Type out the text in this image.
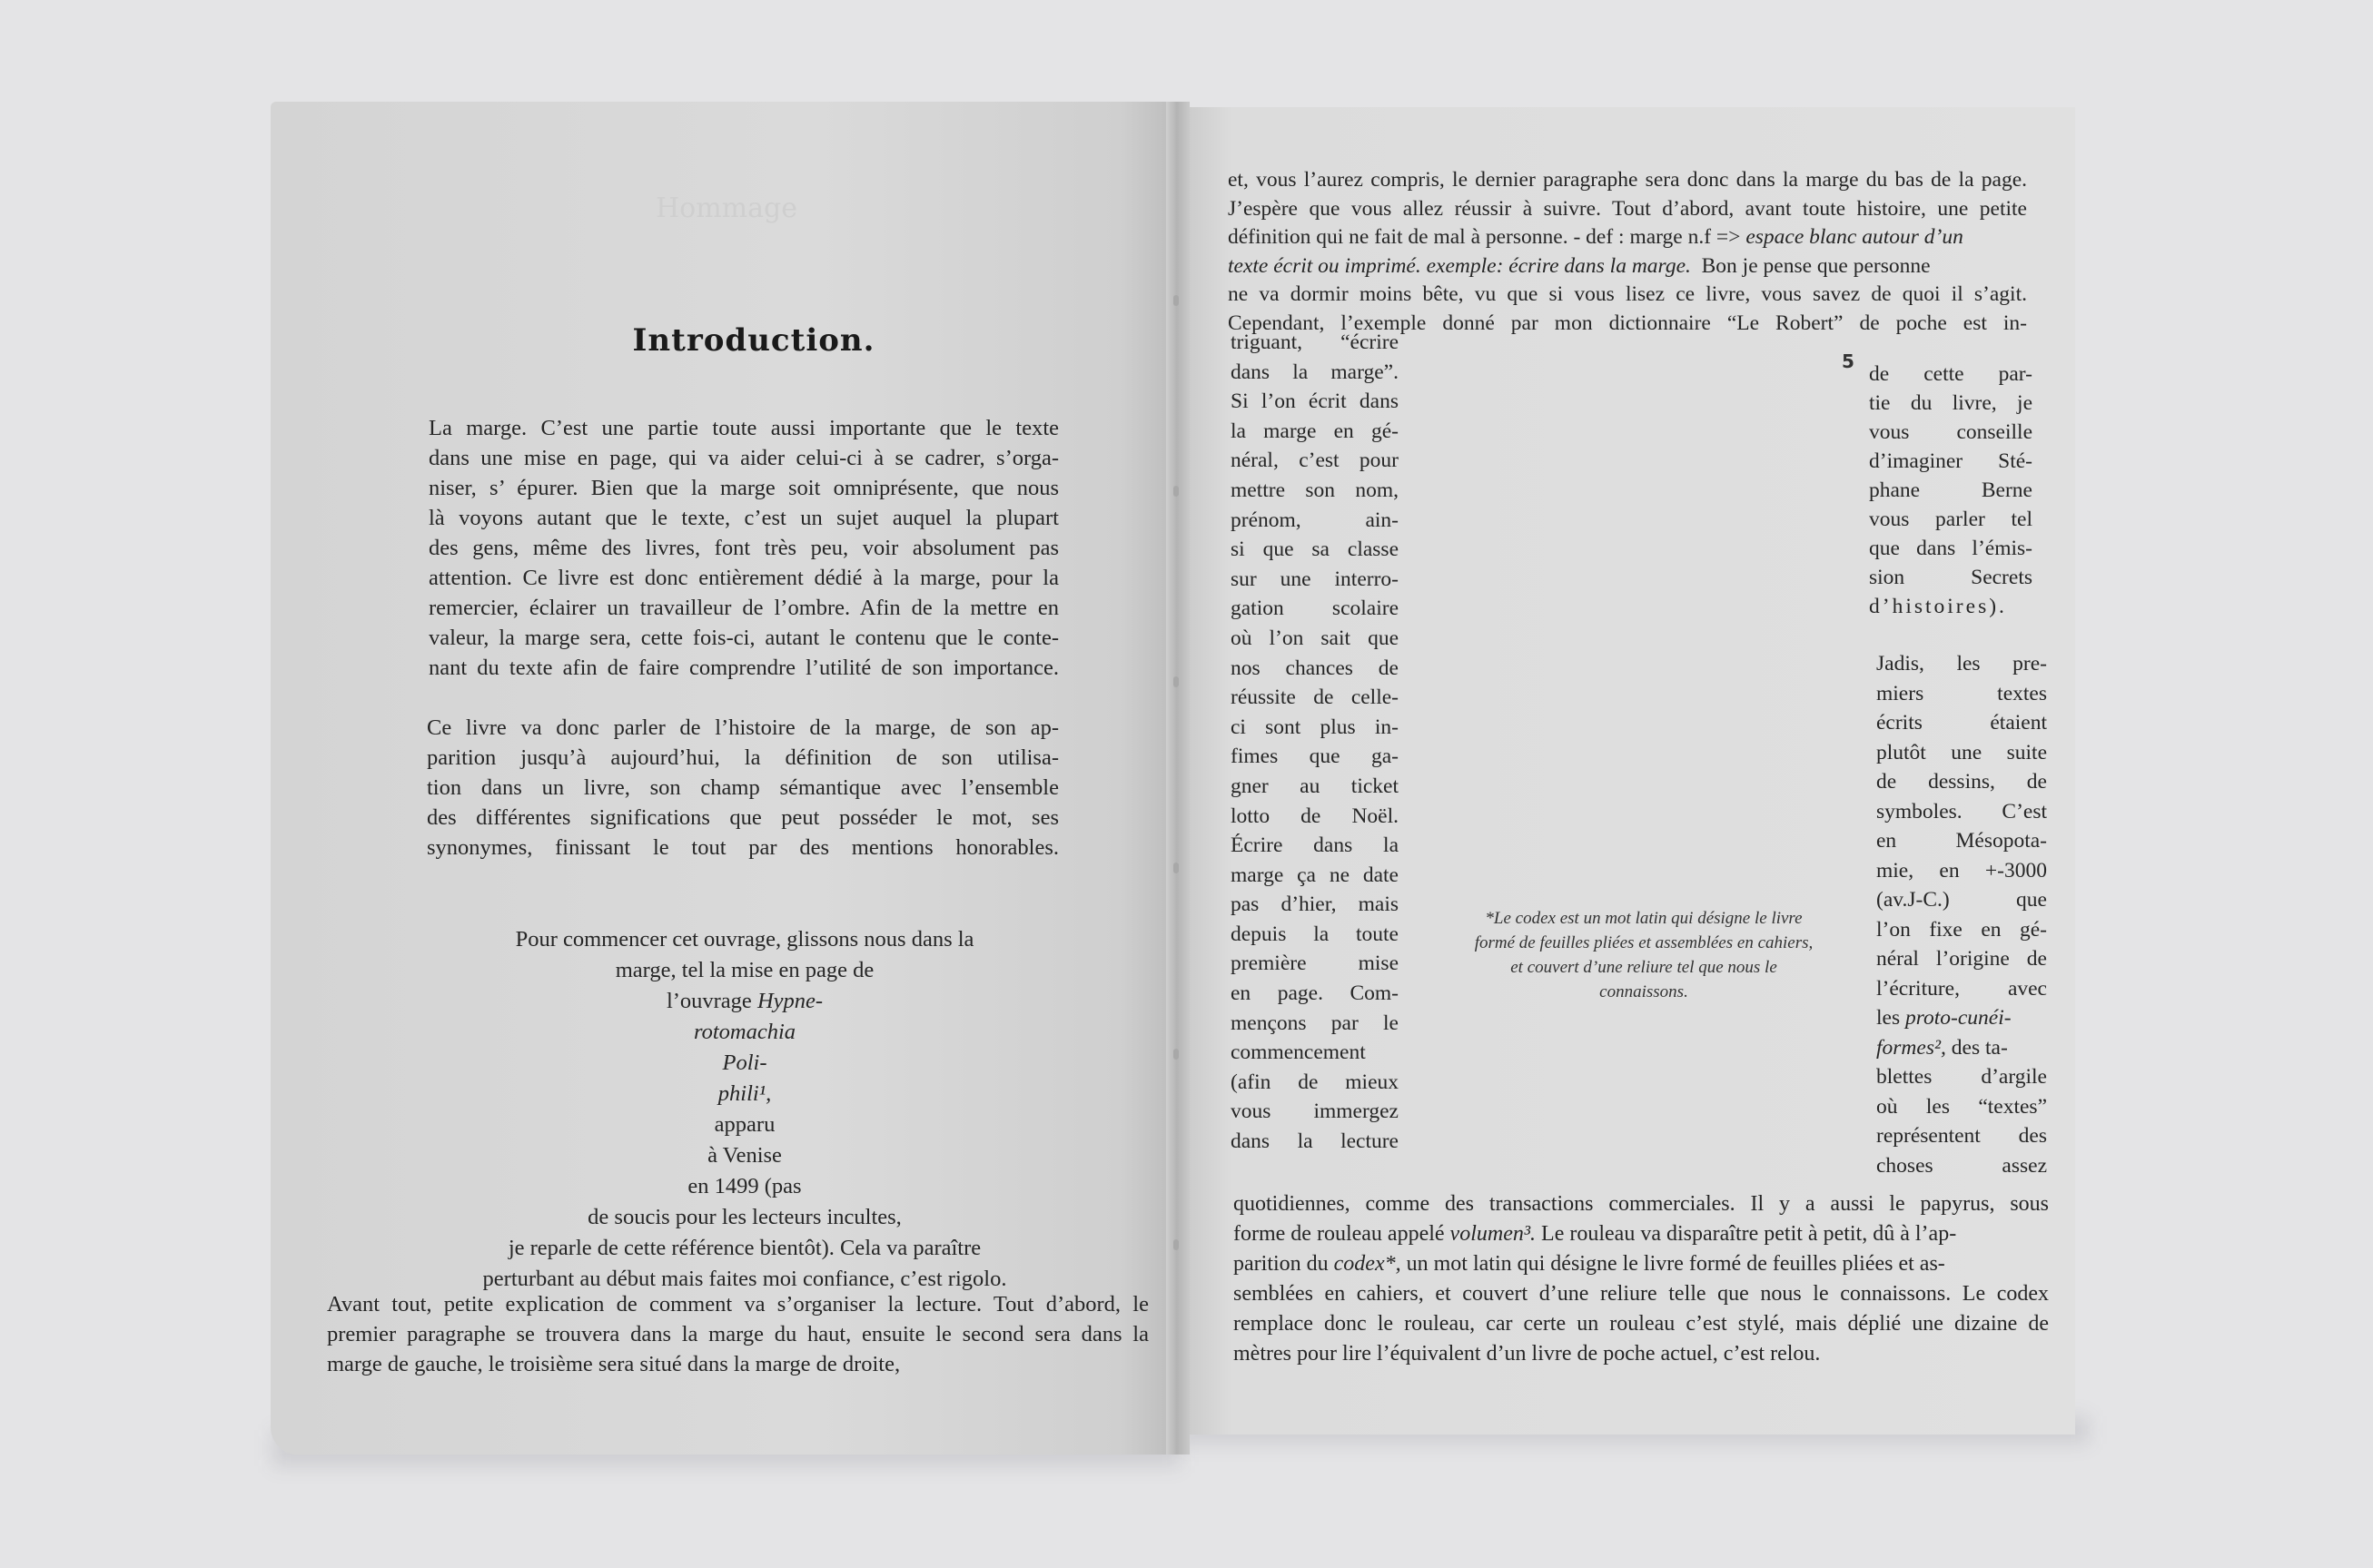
Hommage
Introduction.
La marge. C’est une partie toute aussi importante que le texte
dans une mise en page, qui va aider celui-ci à se cadrer, s’orga-
niser, s’ épurer. Bien que la marge soit omniprésente, que nous
là voyons autant que le texte, c’est un sujet auquel la plupart
des gens, même des livres, font très peu, voir absolument pas
attention. Ce livre est donc entièrement dédié à la marge, pour la
remercier, éclairer un travailleur de l’ombre. Afin de la mettre en
valeur, la marge sera, cette fois-ci, autant le contenu que le conte-
nant du texte afin de faire comprendre l’utilité de son importance.
Ce livre va donc parler de l’histoire de la marge, de son ap-
parition jusqu’à aujourd’hui, la définition de son utilisa-
tion dans un livre, son champ sémantique avec l’ensemble
des différentes significations que peut posséder le mot, ses
synonymes, finissant le tout par des mentions honorables.
Pour commencer cet ouvrage, glissons nous dans la
marge, tel la mise en page de
l’ouvrage Hypne-
rotomachia
Poli-
phili¹,
apparu
à Venise
en 1499 (pas
de soucis pour les lecteurs incultes,
je reparle de cette référence bientôt). Cela va paraître
perturbant au début mais faites moi confiance, c’est rigolo.
Avant tout, petite explication de comment va s’organiser la lecture. Tout d’abord, le
premier paragraphe se trouvera dans la marge du haut, ensuite le second sera dans la
marge de gauche, le troisième sera situé dans la marge de droite,
et, vous l’aurez compris, le dernier paragraphe sera donc dans la marge du bas de la page.
J’espère que vous allez réussir à suivre. Tout d’abord, avant toute histoire, une petite
définition qui ne fait de mal à personne. - def : marge n.f => espace blanc autour d’un
texte écrit ou imprimé. exemple: écrire dans la marge. Bon je pense que personne
ne va dormir moins bête, vu que si vous lisez ce livre, vous savez de quoi il s’agit.
Cependant, l’exemple donné par mon dictionnaire “Le Robert” de poche est in-
5
triguant, “écrire
dans la marge”.
Si l’on écrit dans
la marge en gé-
néral, c’est pour
mettre son nom,
prénom, ain-
si que sa classe
sur une interro-
gation scolaire
où l’on sait que
nos chances de
réussite de celle-
ci sont plus in-
fimes que ga-
gner au ticket
lotto de Noël.
Écrire dans la
marge ça ne date
pas d’hier, mais
depuis la toute
première mise
en page. Com-
mençons par le
commencement
(afin de mieux
vous immergez
dans la lecture
de cette par-
tie du livre, je
vous conseille
d’imaginer Sté-
phane Berne
vous parler tel
que dans l’émis-
sion Secrets
d’histoires).
Jadis, les pre-
miers textes
écrits étaient
plutôt une suite
de dessins, de
symboles. C’est
en Mésopota-
mie, en +-3000
(av.J-C.) que
l’on fixe en gé-
néral l’origine de
l’écriture, avec
les proto-cunéi-
formes², des ta-
blettes d’argile
où les “textes”
représentent des
choses assez
*Le codex est un mot latin qui désigne le livre formé de feuilles pliées et assemblées en cahiers, et couvert d’une reliure tel que nous le connaissons.
quotidiennes, comme des transactions commerciales. Il y a aussi le papyrus, sous
forme de rouleau appelé volumen³. Le rouleau va disparaître petit à petit, dû à l’ap-
parition du codex*, un mot latin qui désigne le livre formé de feuilles pliées et as-
semblées en cahiers, et couvert d’une reliure telle que nous le connaissons. Le codex
remplace donc le rouleau, car certe un rouleau c’est stylé, mais déplié une dizaine de
mètres pour lire l’équivalent d’un livre de poche actuel, c’est relou.
